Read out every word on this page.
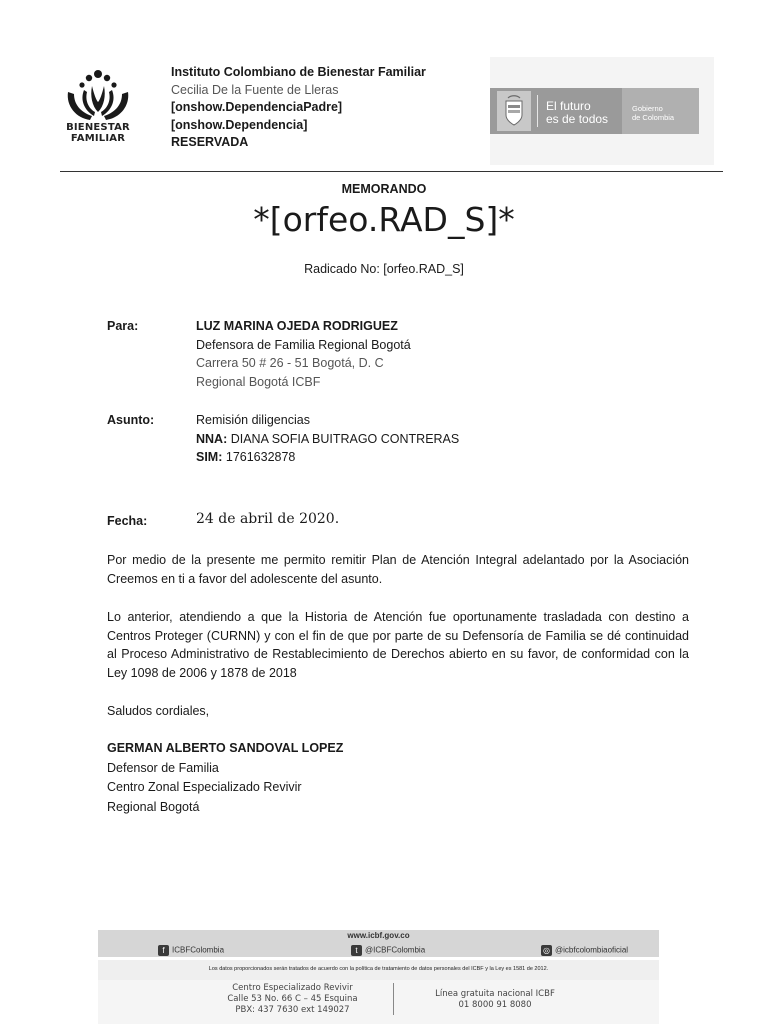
BIENESTAR
FAMILIAR
Instituto Colombiano de Bienestar Familiar
Cecilia De la Fuente de Lleras
[onshow.DependenciaPadre]
[onshow.Dependencia]
RESERVADA
El futuro
es de todos
Gobierno
de Colombia
MEMORANDO
*[orfeo.RAD_S]*
Radicado No: [orfeo.RAD_S]
Para:	LUZ MARINA OJEDA RODRIGUEZ
Defensora de Familia Regional Bogotá
Carrera 50 # 26 - 51 Bogotá, D. C
Regional Bogotá ICBF
Asunto:	Remisión diligencias
NNA: DIANA SOFIA BUITRAGO CONTRERAS
SIM: 1761632878
Fecha:	24 de abril de 2020.
Por medio de la presente me permito remitir Plan de Atención Integral adelantado por la Asociación Creemos en ti a favor del adolescente del asunto.
Lo anterior, atendiendo a que la Historia de Atención fue oportunamente trasladada con destino a Centros Proteger (CURNN) y con el fin de que por parte de su Defensoría de Familia se dé continuidad al Proceso Administrativo de Restablecimiento de Derechos abierto en su favor, de conformidad con la Ley 1098 de 2006 y 1878 de 2018
Saludos cordiales,
GERMAN ALBERTO SANDOVAL LOPEZ
Defensor de Familia
Centro Zonal Especializado Revivir
Regional Bogotá
www.icbf.gov.co
f ICBFColombia	t @ICBFColombia	◎ @icbfcolombiaoficial
Los datos proporcionados serán tratados de acuerdo con la política de tratamiento de datos personales del ICBF y la Ley es 1581 de 2012.
Centro Especializado Revivir
Calle 53 No. 66 C – 45 Esquina
PBX: 437 7630 ext 149027
Línea gratuita nacional ICBF
01 8000 91 8080
